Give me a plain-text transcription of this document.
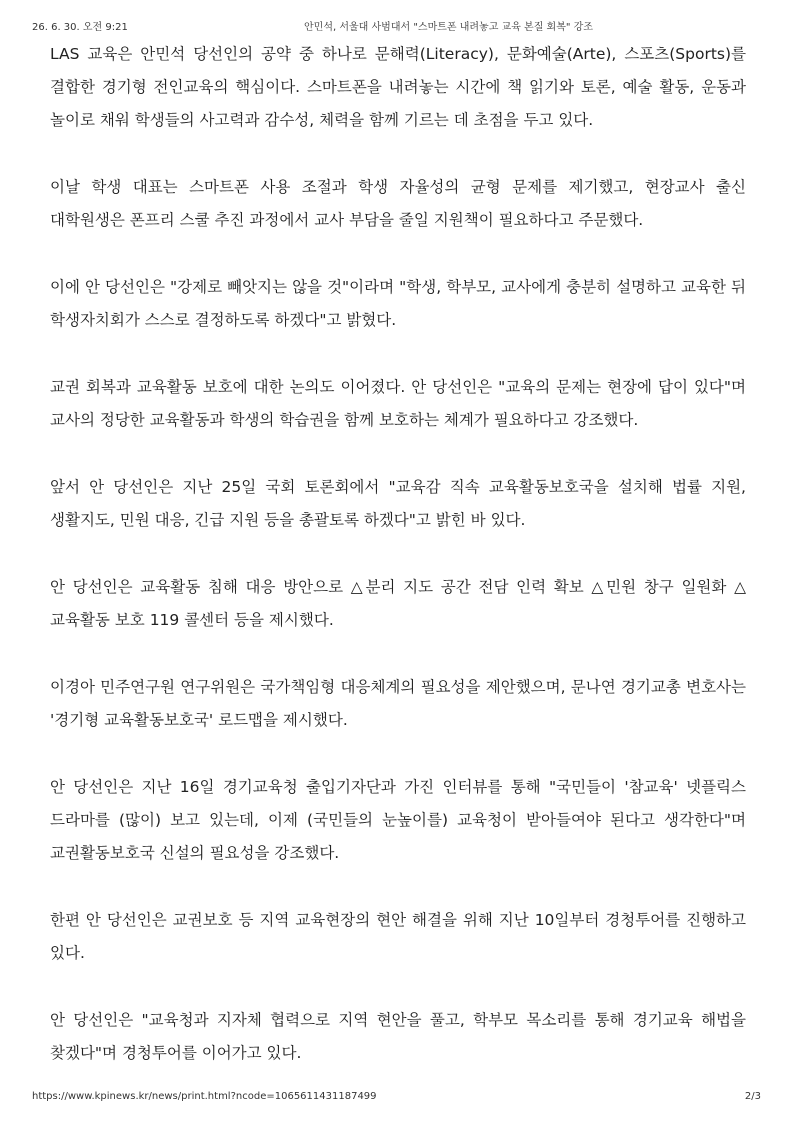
26. 6. 30. 오전 9:21	안민석, 서울대 사범대서 "스마트폰 내려놓고 교육 본질 회복" 강조

LAS 교육은 안민석 당선인의 공약 중 하나로 문해력(Literacy), 문화예술(Arte), 스포츠(Sports)를 결합한 경기형 전인교육의 핵심이다. 스마트폰을 내려놓는 시간에 책 읽기와 토론, 예술 활동, 운동과 놀이로 채워 학생들의 사고력과 감수성, 체력을 함께 기르는 데 초점을 두고 있다.

이날 학생 대표는 스마트폰 사용 조절과 학생 자율성의 균형 문제를 제기했고, 현장교사 출신 대학원생은 폰프리 스쿨 추진 과정에서 교사 부담을 줄일 지원책이 필요하다고 주문했다.

이에 안 당선인은 "강제로 빼앗지는 않을 것"이라며 "학생, 학부모, 교사에게 충분히 설명하고 교육한 뒤 학생자치회가 스스로 결정하도록 하겠다"고 밝혔다.

교권 회복과 교육활동 보호에 대한 논의도 이어졌다. 안 당선인은 "교육의 문제는 현장에 답이 있다"며 교사의 정당한 교육활동과 학생의 학습권을 함께 보호하는 체계가 필요하다고 강조했다.

앞서 안 당선인은 지난 25일 국회 토론회에서 "교육감 직속 교육활동보호국을 설치해 법률 지원, 생활지도, 민원 대응, 긴급 지원 등을 총괄토록 하겠다"고 밝힌 바 있다.

안 당선인은 교육활동 침해 대응 방안으로 △분리 지도 공간 전담 인력 확보 △민원 창구 일원화 △교육활동 보호 119 콜센터 등을 제시했다.

이경아 민주연구원 연구위원은 국가책임형 대응체계의 필요성을 제안했으며, 문나연 경기교총 변호사는 '경기형 교육활동보호국' 로드맵을 제시했다.

안 당선인은 지난 16일 경기교육청 출입기자단과 가진 인터뷰를 통해 "국민들이 '참교육' 넷플릭스 드라마를 (많이) 보고 있는데, 이제 (국민들의 눈높이를) 교육청이 받아들여야 된다고 생각한다"며 교권활동보호국 신설의 필요성을 강조했다.

한편 안 당선인은 교권보호 등 지역 교육현장의 현안 해결을 위해 지난 10일부터 경청투어를 진행하고 있다.

안 당선인은 "교육청과 지자체 협력으로 지역 현안을 풀고, 학부모 목소리를 통해 경기교육 해법을 찾겠다"며 경청투어를 이어가고 있다.

https://www.kpinews.kr/news/print.html?ncode=1065611431187499	2/3
